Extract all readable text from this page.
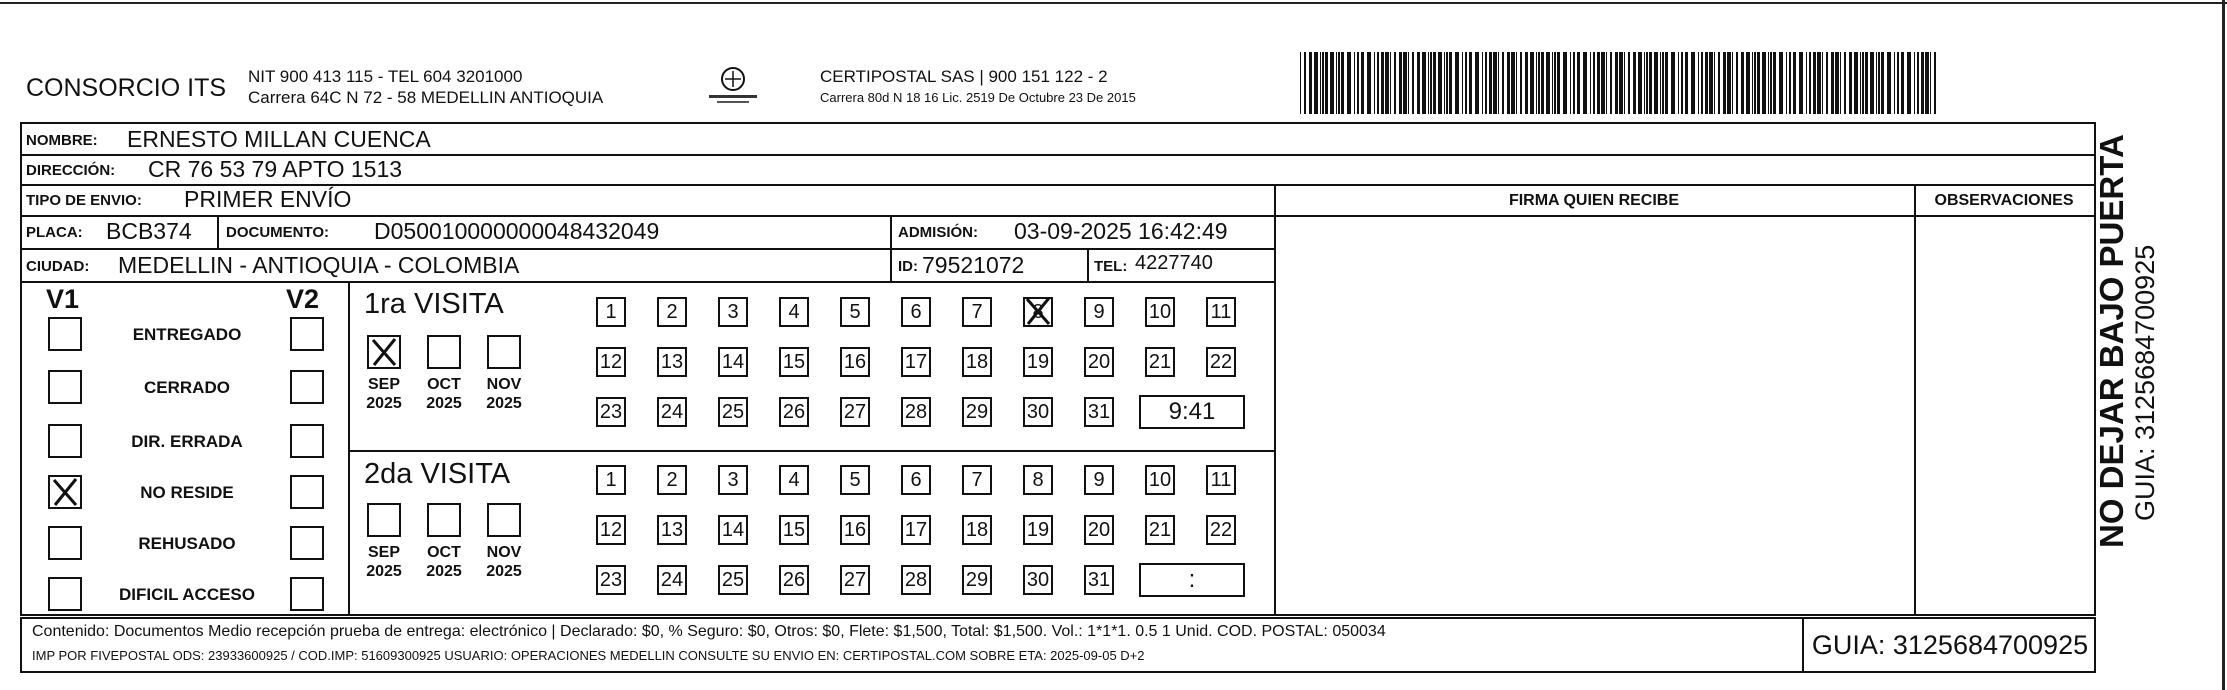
CONSORCIO ITS NIT 900 413 115 - TEL 604 3201000
Carrera 64C N 72 - 58 MEDELLIN ANTIOQUIA
CERTIPOSTAL SAS | 900 151 122 - 2
Carrera 80d N 18 16 Lic. 2519 De Octubre 23 De 2015
NOMBRE: ERNESTO MILLAN CUENCA
DIRECCIÓN: CR 76 53 79 APTO 1513
TIPO DE ENVIO: PRIMER ENVÍO	FIRMA QUIEN RECIBE	OBSERVACIONES
PLACA: BCB374 DOCUMENTO: D050010000000048432049	ADMISIÓN: 03-09-2025 16:42:49
CIUDAD: MEDELLIN - ANTIOQUIA - COLOMBIA	ID: 79521072	TEL: 4227740
V1	V2
ENTREGADO
CERRADO
DIR. ERRADA
NO RESIDE
REHUSADO
DIFICIL ACCESO
1ra VISITA
2da VISITA
SEP
2025
OCT
2025
NOV
2025
1	2	3	4	5	6	7	8	9	10 11
12 13 14 15 16 17 18 19 20 21 22
23 24 25 26 27 28 29 30 31	9:41
SEP
2025
OCT
2025
NOV
2025
1	2	3	4	5	6	7	8	9	10 11
12 13 14 15 16 17 18 19 20 21 22
23 24 25 26 27 28 29 30 31	:
NO DEJAR BAJO PUERTA GUIA: 3125684700925
Contenido: Documentos Medio recepción prueba de entrega: electrónico | Declarado: $0, % Seguro: $0, Otros: $0, Flete: $1,500, Total: $1,500. Vol.: 1*1*1. 0.5 1 Unid. COD. POSTAL: 050034
IMP POR FIVEPOSTAL ODS: 23933600925 / COD.IMP: 51609300925 USUARIO: OPERACIONES MEDELLIN CONSULTE SU ENVIO EN: CERTIPOSTAL.COM SOBRE ETA: 2025-09-05 D+2	GUIA: 3125684700925
